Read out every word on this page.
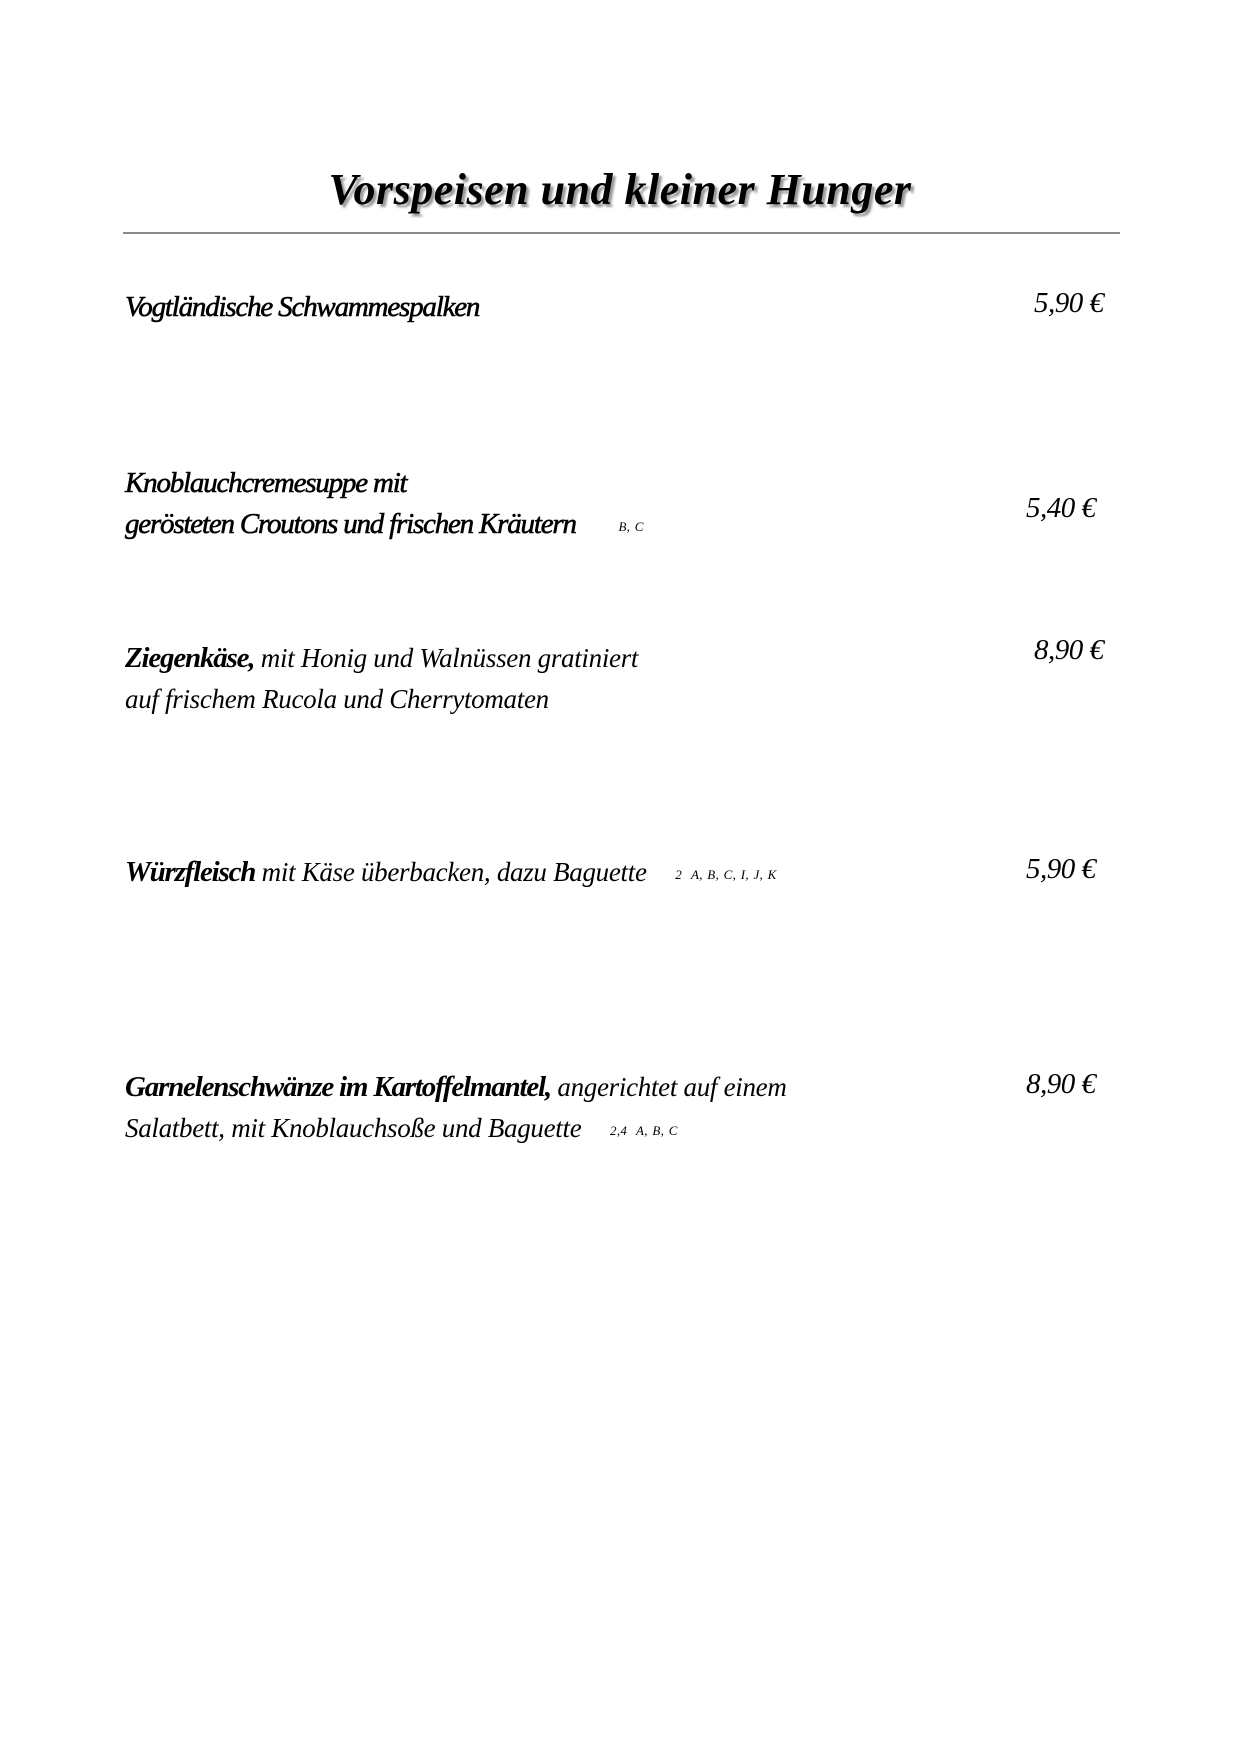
Vorspeisen und kleiner Hunger
Vogtländische Schwammespalken	5,90 €
Knoblauchcremesuppe mit
gerösteten Croutons und frischen Kräutern	B, C
5,40 €
Ziegenkäse, mit Honig und Walnüssen gratiniert
auf frischem Rucola und Cherrytomaten
8,90 €
Würzfleisch mit Käse überbacken, dazu Baguette 2  A, B, C, I, J, K	5,90 €
Garnelenschwänze im Kartoffelmantel, angerichtet auf einem
Salatbett, mit Knoblauchsoße und Baguette 2,4  A, B, C
8,90 €
